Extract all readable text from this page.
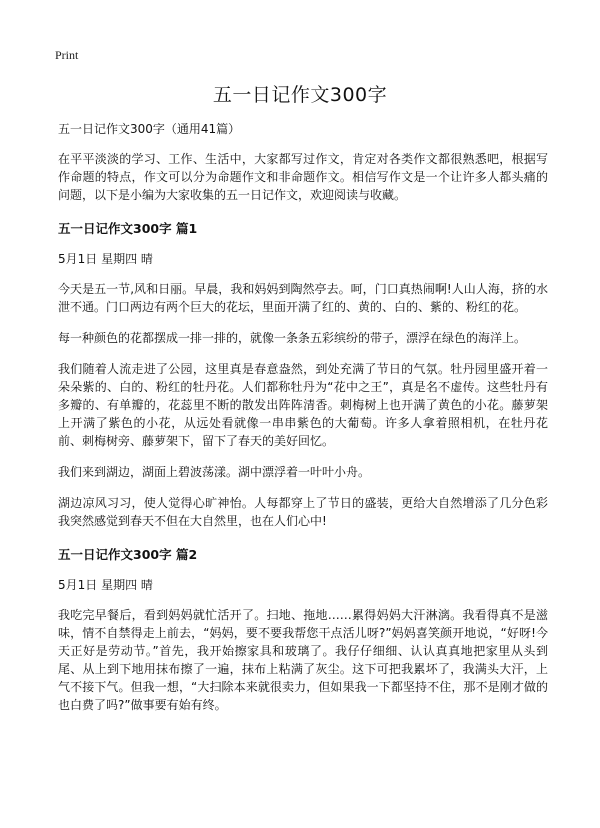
Print
五一日记作文300字

五一日记作文300字（通用41篇）

在平平淡淡的学习、工作、生活中，大家都写过作文，肯定对各类作文都很熟悉吧，根据写作命题的特点，作文可以分为命题作文和非命题作文。相信写作文是一个让许多人都头痛的问题，以下是小编为大家收集的五一日记作文，欢迎阅读与收藏。

五一日记作文300字 篇1

5月1日 星期四 晴

今天是五一节,风和日丽。早晨，我和妈妈到陶然亭去。呵，门口真热闹啊!人山人海，挤的水泄不通。门口两边有两个巨大的花坛，里面开满了红的、黄的、白的、紫的、粉红的花。

每一种颜色的花都摆成一排一排的，就像一条条五彩缤纷的带子，漂浮在绿色的海洋上。

我们随着人流走进了公园，这里真是春意盎然，到处充满了节日的气氛。牡丹园里盛开着一朵朵紫的、白的、粉红的牡丹花。人们都称牡丹为“花中之王”，真是名不虚传。这些牡丹有多瓣的、有单瓣的，花蕊里不断的散发出阵阵清香。刺梅树上也开满了黄色的小花。藤萝架上开满了紫色的小花，从远处看就像一串串紫色的大葡萄。许多人拿着照相机，在牡丹花前、刺梅树旁、藤萝架下，留下了春天的美好回忆。

我们来到湖边，湖面上碧波荡漾。湖中漂浮着一叶叶小舟。

湖边凉风习习，使人觉得心旷神怡。人每都穿上了节日的盛装，更给大自然增添了几分色彩 我突然感觉到春天不但在大自然里，也在人们心中!

五一日记作文300字 篇2

5月1日 星期四 晴

我吃完早餐后，看到妈妈就忙活开了。扫地、拖地……累得妈妈大汗淋漓。我看得真不是滋味，情不自禁得走上前去，“妈妈，要不要我帮您干点活儿呀?”妈妈喜笑颜开地说，“好呀!今天正好是劳动节。”首先，我开始擦家具和玻璃了。我仔仔细细、认认真真地把家里从头到尾、从上到下地用抹布擦了一遍，抹布上粘满了灰尘。这下可把我累坏了，我满头大汗，上气不接下气。但我一想，“大扫除本来就很卖力，但如果我一下都坚持不住，那不是刚才做的也白费了吗?”做事要有始有终。
